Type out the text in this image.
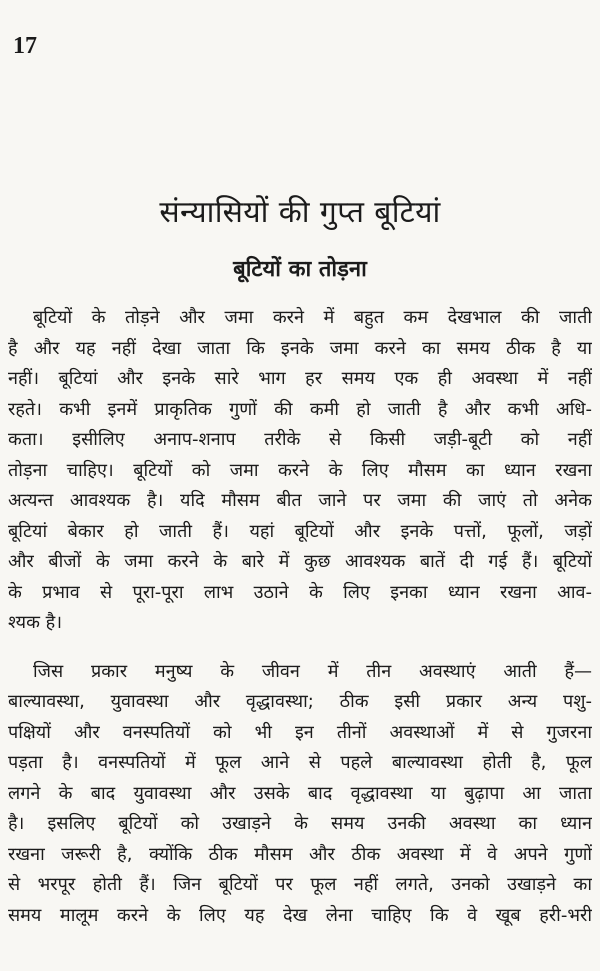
17
संन्यासियों की गुप्त बूटियां
बूटियों का तोड़ना
बूटियों के तोड़ने और जमा करने में बहुत कम देखभाल की जाती
है और यह नहीं देखा जाता कि इनके जमा करने का समय ठीक है या
नहीं। बूटियां और इनके सारे भाग हर समय एक ही अवस्था में नहीं
रहते। कभी इनमें प्राकृतिक गुणों की कमी हो जाती है और कभी अधि-
कता। इसीलिए अनाप-शनाप तरीके से किसी जड़ी-बूटी को नहीं
तोड़ना चाहिए। बूटियों को जमा करने के लिए मौसम का ध्यान रखना
अत्यन्त आवश्यक है। यदि मौसम बीत जाने पर जमा की जाएं तो अनेक
बूटियां बेकार हो जाती हैं। यहां बूटियों और इनके पत्तों, फूलों, जड़ों
और बीजों के जमा करने के बारे में कुछ आवश्यक बातें दी गई हैं। बूटियों
के प्रभाव से पूरा-पूरा लाभ उठाने के लिए इनका ध्यान रखना आव-
श्यक है।
जिस प्रकार मनुष्य के जीवन में तीन अवस्थाएं आती हैं—
बाल्यावस्था, युवावस्था और वृद्धावस्था; ठीक इसी प्रकार अन्य पशु-
पक्षियों और वनस्पतियों को भी इन तीनों अवस्थाओं में से गुजरना
पड़ता है। वनस्पतियों में फूल आने से पहले बाल्यावस्था होती है, फूल
लगने के बाद युवावस्था और उसके बाद वृद्धावस्था या बुढ़ापा आ जाता
है। इसलिए बूटियों को उखाड़ने के समय उनकी अवस्था का ध्यान
रखना जरूरी है, क्योंकि ठीक मौसम और ठीक अवस्था में वे अपने गुणों
से भरपूर होती हैं। जिन बूटियों पर फूल नहीं लगते, उनको उखाड़ने का
समय मालूम करने के लिए यह देख लेना चाहिए कि वे खूब हरी-भरी
